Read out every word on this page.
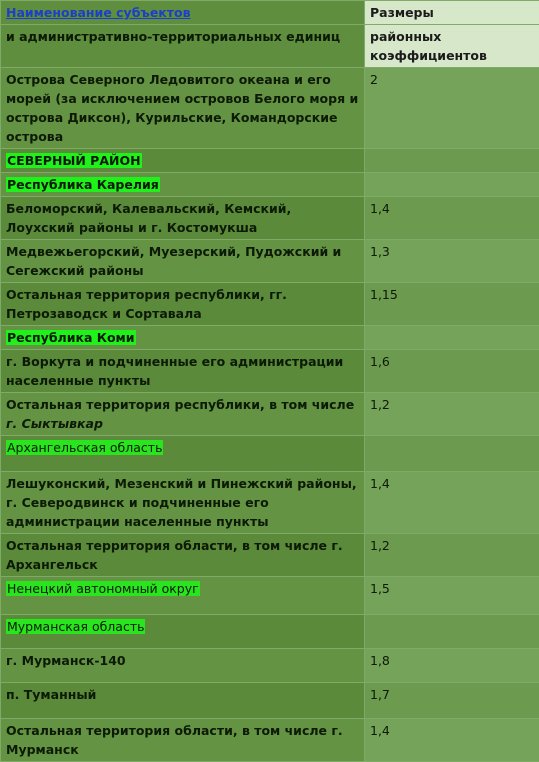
Наименование субъектов	Размеры
и административно-территориальных единиц	районных
коэффициентов

Острова Северного Ледовитого океана и его морей (за исключением островов Белого моря и острова Диксон), Курильские, Командорские острова	2
СЕВЕРНЫЙ РАЙОН	
Республика Карелия	
Беломорский, Калевальский, Кемский, Лоухский районы и г. Костомукша	1,4
Медвежьегорский, Муезерский, Пудожский и Сегежский районы	1,3
Остальная территория республики, гг. Петрозаводск и Сортавала	1,15
Республика Коми	
г. Воркута и подчиненные его администрации населенные пункты	1,6
Остальная территория республики, в том числе г. Сыктывкар	1,2
Архангельская область	
Лешуконский, Мезенский и Пинежский районы, г. Северодвинск и подчиненные его администрации населенные пункты	1,4
Остальная территория области, в том числе г. Архангельск	1,2
Ненецкий автономный округ	1,5
Мурманская область	
г. Мурманск-140	1,8
п. Туманный	1,7
Остальная территория области, в том числе г. Мурманск	1,4
